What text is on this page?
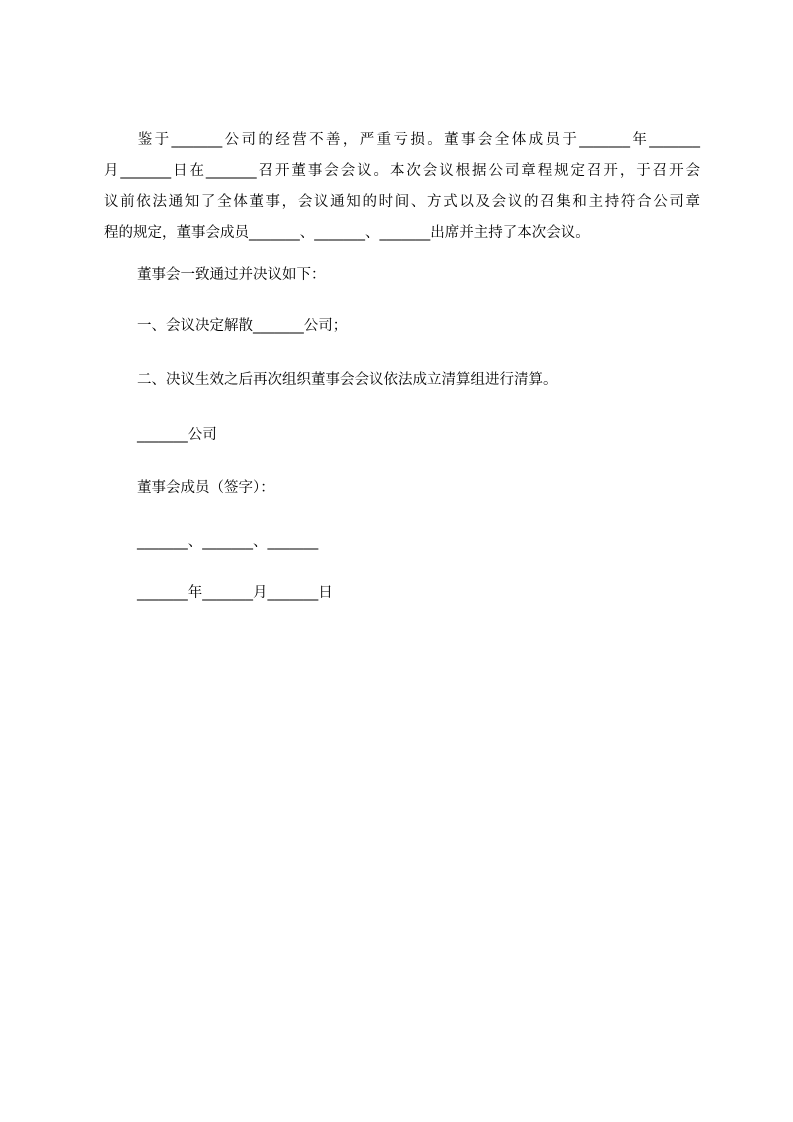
　　鉴于_______公司的经营不善，严重亏损。董事会全体成员于_______年_______
月_______日在_______召开董事会会议。本次会议根据公司章程规定召开，于召开会
议前依法通知了全体董事，会议通知的时间、方式以及会议的召集和主持符合公司章
程的规定，董事会成员_______、_______、_______出席并主持了本次会议。
董事会一致通过并决议如下：
一、会议决定解散_______公司；
二、决议生效之后再次组织董事会会议依法成立清算组进行清算。
_______公司
董事会成员（签字）：
_______、_______、_______
_______年_______月_______日
